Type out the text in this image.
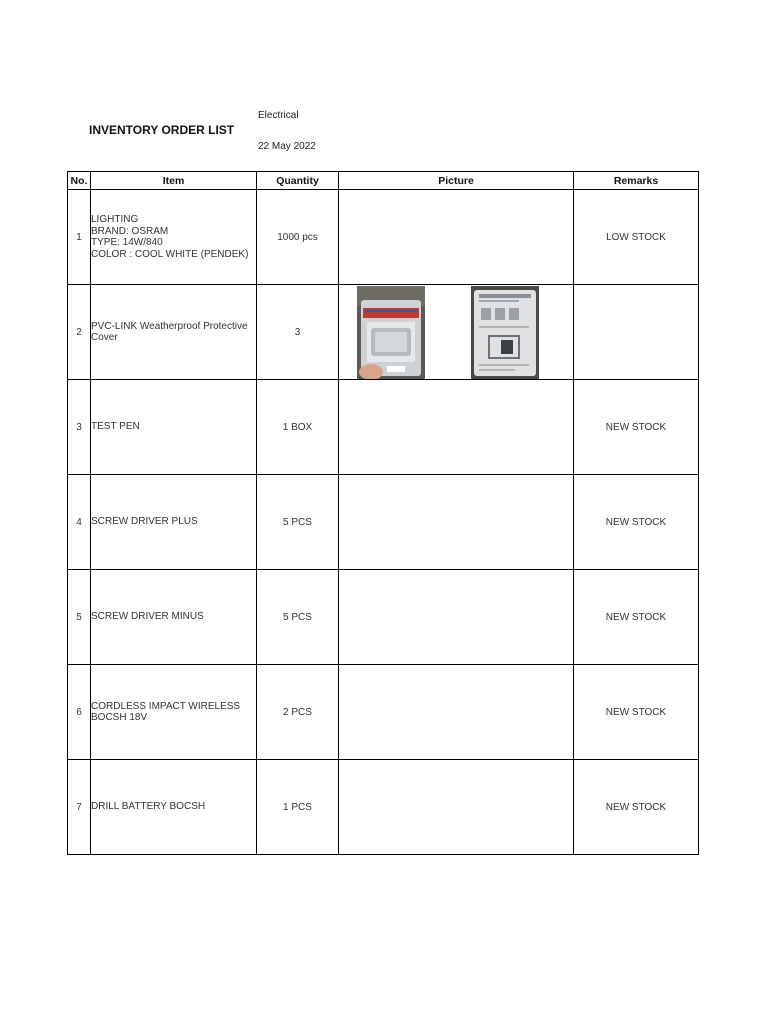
INVENTORY ORDER LIST
Electrical
22 May 2022
No.	Item	Quantity	Picture	Remarks
1	LIGHTING
BRAND: OSRAM
TYPE: 14W/840
COLOR : COOL WHITE (PENDEK)	1000 pcs		LOW STOCK
2	PVC-LINK Weatherproof Protective
Cover	3	

3	TEST PEN	1 BOX		NEW STOCK
4	SCREW DRIVER PLUS	5 PCS		NEW STOCK
5	SCREW DRIVER MINUS	5 PCS		NEW STOCK
6	CORDLESS IMPACT WIRELESS
BOCSH 18V	2 PCS		NEW STOCK
7	DRILL BATTERY BOCSH	1 PCS		NEW STOCK
